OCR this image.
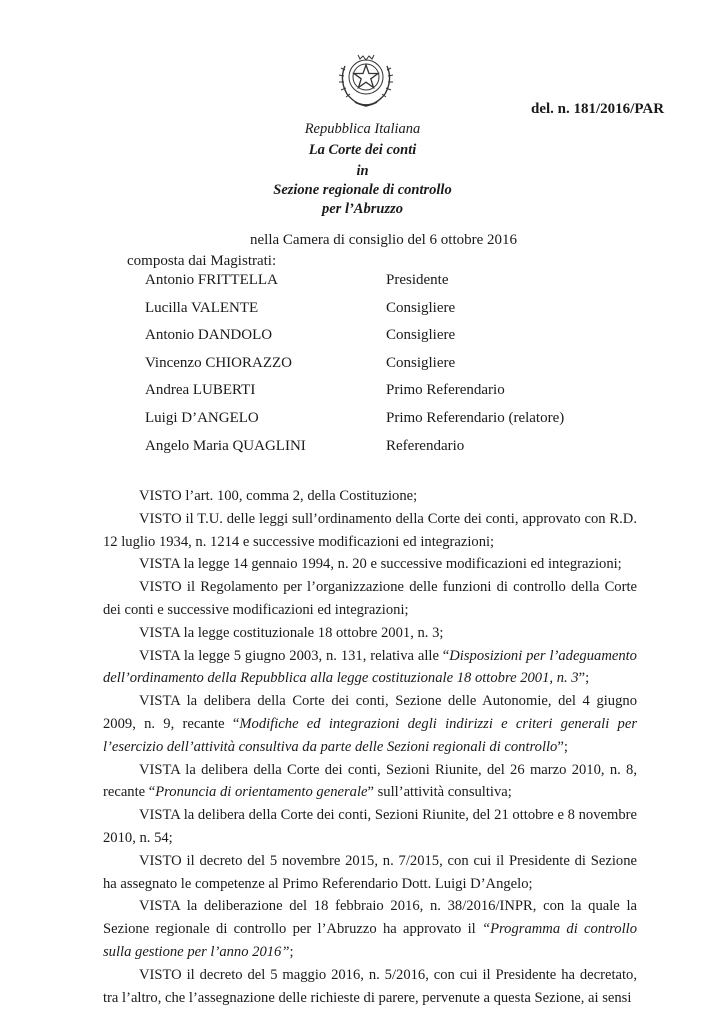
del. n. 181/2016/PAR
Repubblica Italiana
La Corte dei conti
in
Sezione regionale di controllo
per l’Abruzzo
nella Camera di consiglio del 6 ottobre 2016
composta dai Magistrati:
Antonio FRITTELLA	Presidente
Lucilla VALENTE	Consigliere
Antonio DANDOLO	Consigliere
Vincenzo CHIORAZZO	Consigliere
Andrea LUBERTI	Primo Referendario
Luigi D’ANGELO	Primo Referendario (relatore)
Angelo Maria QUAGLINI	Referendario

VISTO l’art. 100, comma 2, della Costituzione;

VISTO il T.U. delle leggi sull’ordinamento della Corte dei conti, approvato con R.D. 12 luglio 1934, n. 1214 e successive modificazioni ed integrazioni;

VISTA la legge 14 gennaio 1994, n. 20 e successive modificazioni ed integrazioni;

VISTO il Regolamento per l’organizzazione delle funzioni di controllo della Corte dei conti e successive modificazioni ed integrazioni;

VISTA la legge costituzionale 18 ottobre 2001, n. 3;

VISTA la legge 5 giugno 2003, n. 131, relativa alle “Disposizioni per l’adeguamento dell’ordinamento della Repubblica alla legge costituzionale 18 ottobre 2001, n. 3”;

VISTA la delibera della Corte dei conti, Sezione delle Autonomie, del 4 giugno 2009, n. 9, recante “Modifiche ed integrazioni degli indirizzi e criteri generali per l’esercizio dell’attività consultiva da parte delle Sezioni regionali di controllo”;

VISTA la delibera della Corte dei conti, Sezioni Riunite, del 26 marzo 2010, n. 8, recante “Pronuncia di orientamento generale” sull’attività consultiva;

VISTA la delibera della Corte dei conti, Sezioni Riunite, del 21 ottobre e 8 novembre 2010, n. 54;

VISTO il decreto del 5 novembre 2015, n. 7/2015, con cui il Presidente di Sezione ha assegnato le competenze al Primo Referendario Dott. Luigi D’Angelo;

VISTA la deliberazione del 18 febbraio 2016, n. 38/2016/INPR, con la quale la Sezione regionale di controllo per l’Abruzzo ha approvato il “Programma di controllo sulla gestione per l’anno 2016”;

VISTO il decreto del 5 maggio 2016, n. 5/2016, con cui il Presidente ha decretato, tra l’altro, che l’assegnazione delle richieste di parere, pervenute a questa Sezione, ai sensi
